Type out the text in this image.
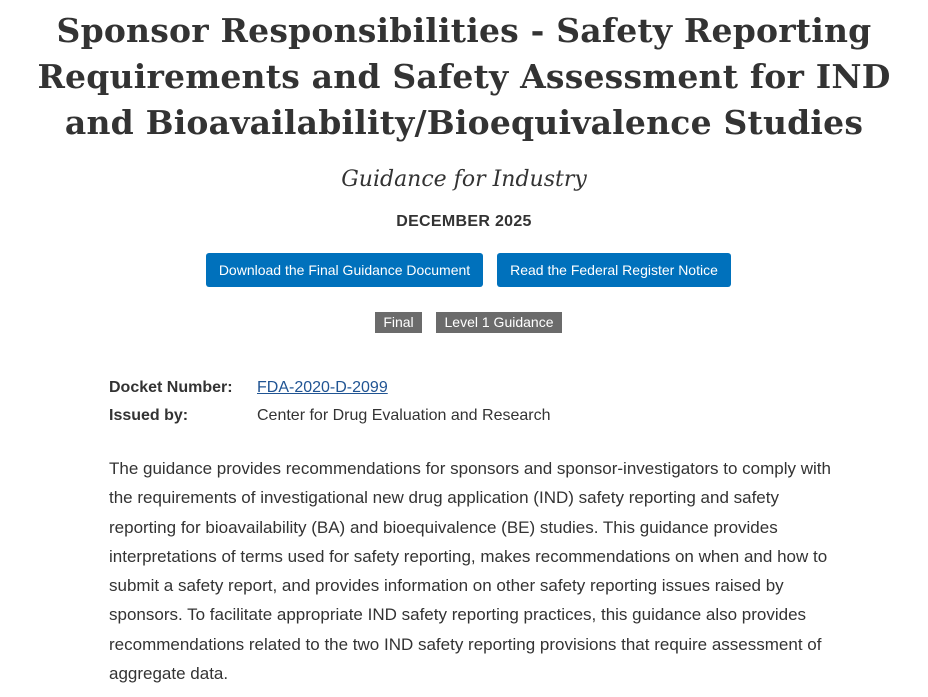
Sponsor Responsibilities - Safety Reporting Requirements and Safety Assessment for IND and Bioavailability/Bioequivalence Studies
Guidance for Industry
DECEMBER 2025
Download the Final Guidance Document	Read the Federal Register Notice
Final	Level 1 Guidance
Docket Number: FDA-2020-D-2099
Issued by:	Center for Drug Evaluation and Research

The guidance provides recommendations for sponsors and sponsor-investigators to comply with the requirements of investigational new drug application (IND) safety reporting and safety reporting for bioavailability (BA) and bioequivalence (BE) studies. This guidance provides interpretations of terms used for safety reporting, makes recommendations on when and how to submit a safety report, and provides information on other safety reporting issues raised by sponsors. To facilitate appropriate IND safety reporting practices, this guidance also provides recommendations related to the two IND safety reporting provisions that require assessment of aggregate data.
